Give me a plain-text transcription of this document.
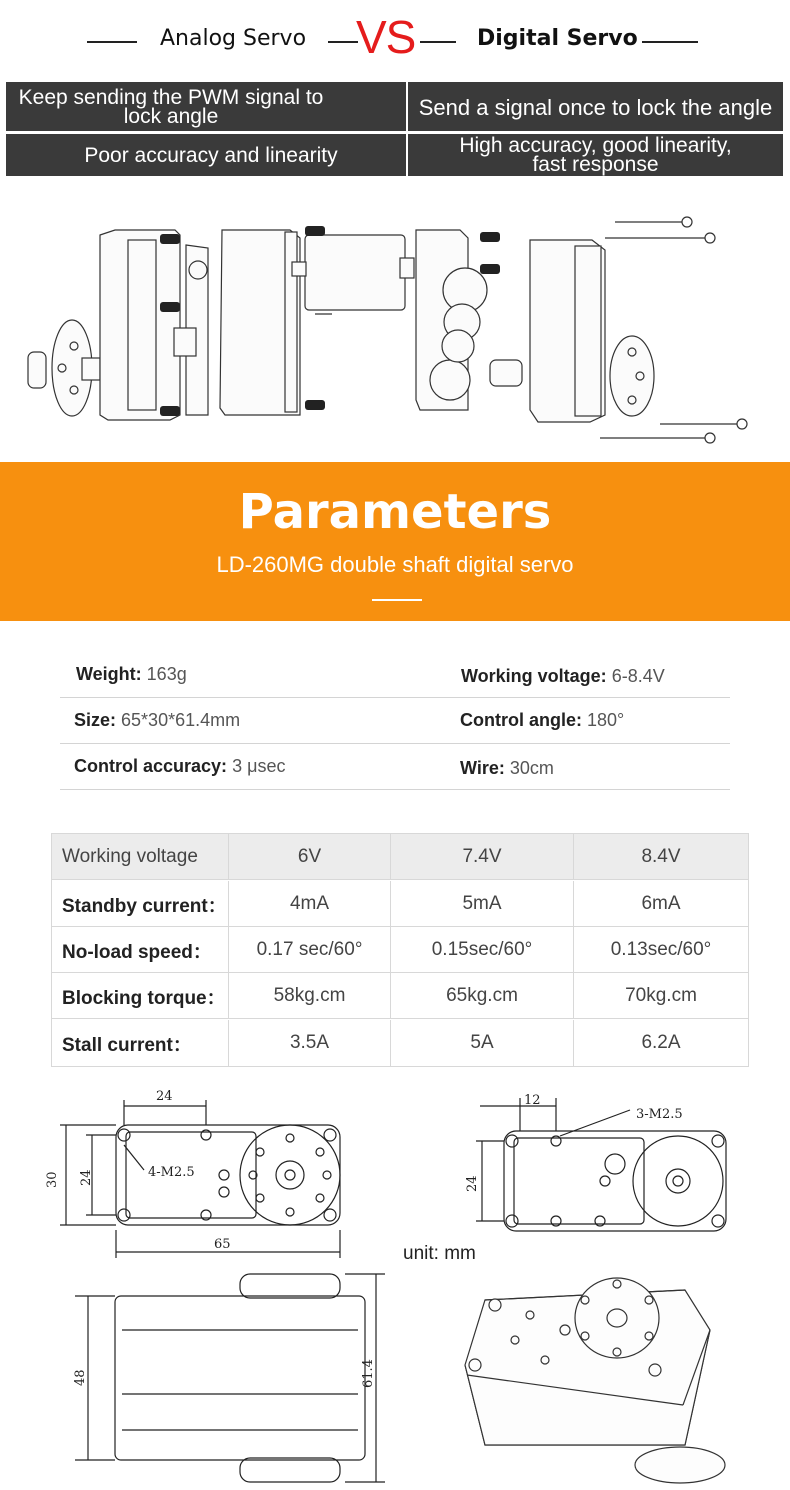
Analog Servo VS	Digital Servo
Keep sending the PWM signal to lock angle	Send a signal once to lock the angle
Poor accuracy and linearity	High accuracy, good linearity, fast response
Parameters
LD-260MG double shaft digital servo
Weight: 163g	Working voltage: 6-8.4V
Size: 65*30*61.4mm	Control angle: 180°
Control accuracy: 3 μsec	Wire: 30cm
Working voltage	6V	7.4V	8.4V
Standby current：	4mA	5mA	6mA
No-load speed：	0.17 sec/60°	0.15sec/60°	0.13sec/60°
Blocking torque：	58kg.cm	65kg.cm	70kg.cm
Stall current：	3.5A	5A	6.2A
24
30 24	4-M2.5
65
12
3-M2.5
24
unit: mm
48	61.4
